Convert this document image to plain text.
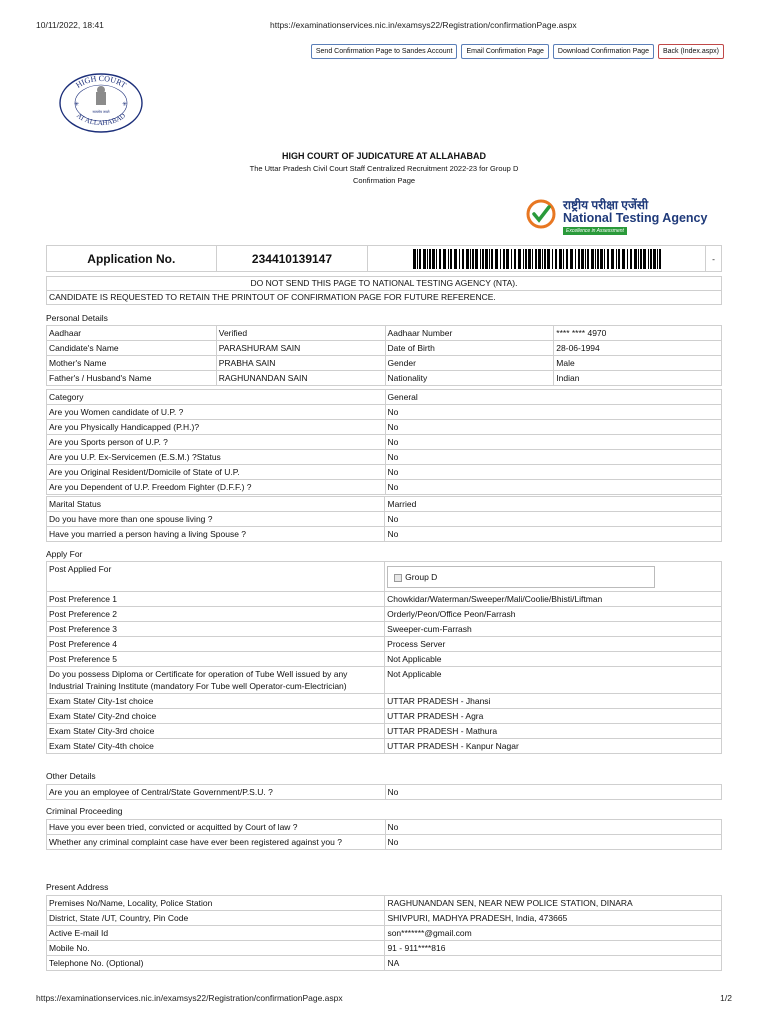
10/11/2022, 18:41	https://examinationservices.nic.in/examsys22/Registration/confirmationPage.aspx
Send Confirmation Page to Sandes Account	Email Confirmation Page	Download Confirmation Page	Back (Index.aspx)
HIGH COURT
AT ALLAHABAD
✳	✳
सत्यमेव जयते
HIGH COURT OF JUDICATURE AT ALLAHABAD
The Uttar Pradesh Civil Court Staff Centralized Recruitment 2022-23 for Group D
Confirmation Page
राष्ट्रीय परीक्षा एजेंसी
National Testing Agency
Excellence in Assessment
Application No.	234410139147		-
DO NOT SEND THIS PAGE TO NATIONAL TESTING AGENCY (NTA).
CANDIDATE IS REQUESTED TO RETAIN THE PRINTOUT OF CONFIRMATION PAGE FOR FUTURE REFERENCE.
Personal Details
Aadhaar	Verified	Aadhaar Number	**** **** 4970
Candidate's Name	PARASHURAM SAIN	Date of Birth	28-06-1994
Mother's Name	PRABHA SAIN	Gender	Male
Father's / Husband's Name	RAGHUNANDAN SAIN	Nationality	Indian
Category	General
Are you Women candidate of U.P. ?	No
Are you Physically Handicapped (P.H.)?	No
Are you Sports person of U.P. ?	No
Are you U.P. Ex-Servicemen (E.S.M.) ?Status	No
Are you Original Resident/Domicile of State of U.P.	No
Are you Dependent of U.P. Freedom Fighter (D.F.F.) ?	No
Marital Status	Married
Do you have more than one spouse living ?	No
Have you married a person having a living Spouse ?	No
Apply For
Post Applied For	Group D
Post Preference 1	Chowkidar/Waterman/Sweeper/Mali/Coolie/Bhisti/Liftman
Post Preference 2	Orderly/Peon/Office Peon/Farrash
Post Preference 3	Sweeper-cum-Farrash
Post Preference 4	Process Server
Post Preference 5	Not Applicable
Do you possess Diploma or Certificate for operation of Tube Well issued by any Industrial Training Institute (mandatory For Tube well Operator-cum-Electrician)	Not Applicable
Exam State/ City-1st choice	UTTAR PRADESH - Jhansi
Exam State/ City-2nd choice	UTTAR PRADESH - Agra
Exam State/ City-3rd choice	UTTAR PRADESH - Mathura
Exam State/ City-4th choice	UTTAR PRADESH - Kanpur Nagar
Other Details
Are you an employee of Central/State Government/P.S.U. ?	No
Criminal Proceeding
Have you ever been tried, convicted or acquitted by Court of law ?	No
Whether any criminal complaint case have ever been registered against you ?	No
Present Address
Premises No/Name, Locality, Police Station	RAGHUNANDAN SEN, NEAR NEW POLICE STATION, DINARA
District, State /UT, Country, Pin Code	SHIVPURI, MADHYA PRADESH, India, 473665
Active E-mail Id	son*******@gmail.com
Mobile No.	91 - 911****816
Telephone No. (Optional)	NA
https://examinationservices.nic.in/examsys22/Registration/confirmationPage.aspx	1/2
